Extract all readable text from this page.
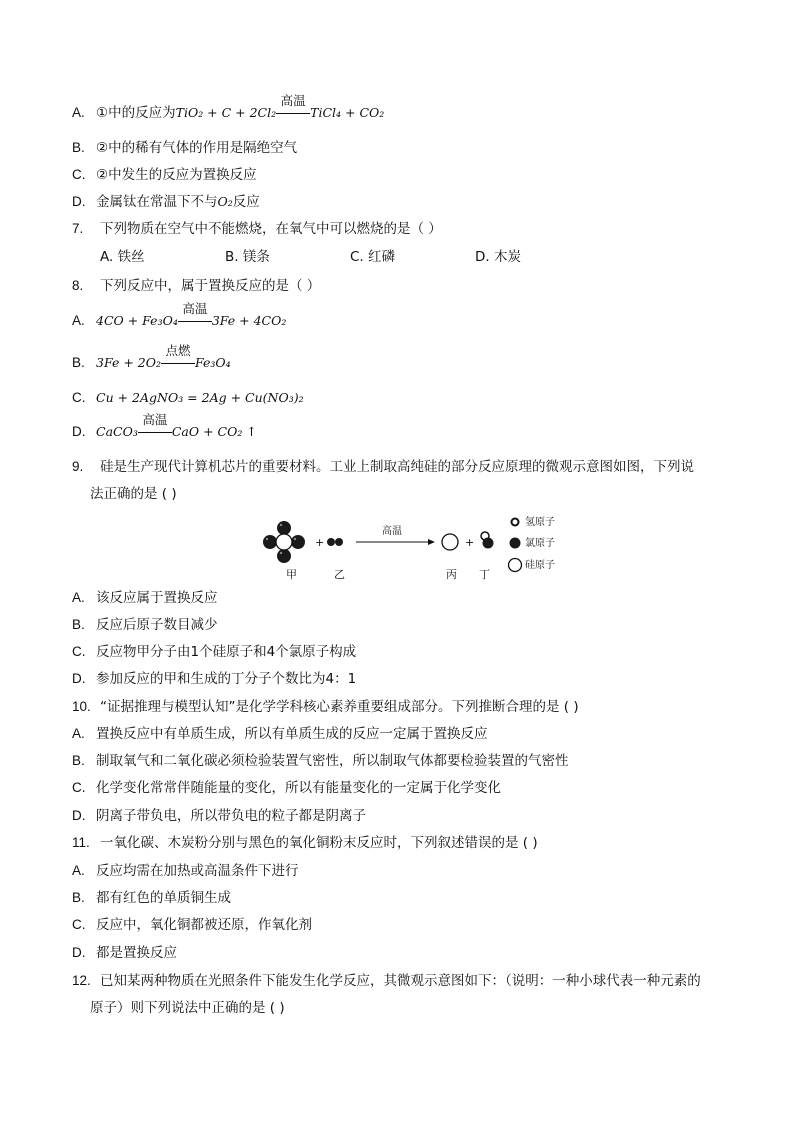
A. ①中的反应为TiO₂ + C + 2Cl₂
高温
TiCl₄ + CO₂
B. ②中的稀有气体的作用是隔绝空气
C. ②中发生的反应为置换反应
D. 金属钛在常温下不与O₂反应
7. 下列物质在空气中不能燃烧，在氧气中可以燃烧的是（ ）
A. 铁丝	B. 镁条	C. 红磷	D. 木炭
8. 下列反应中，属于置换反应的是（ ）
A. 4CO + Fe₃O₄
高温
3Fe + 4CO₂
B. 3Fe + 2O₂
点燃
Fe₃O₄
C. Cu + 2AgNO₃ = 2Ag + Cu(NO₃)₂
D. CaCO₃
高温
CaO + CO₂ ↑
9. 硅是生产现代计算机芯片的重要材料。工业上制取高纯硅的部分反应原理的微观示意图如图，下列说
法正确的是 ( )
+
高温
+
甲	乙	丙 丁
氢原子
氯原子
硅原子
A. 该反应属于置换反应
B. 反应后原子数目减少
C. 反应物甲分子由1个硅原子和4个氯原子构成
D. 参加反应的甲和生成的丁分子个数比为4：1
10. “证据推理与模型认知”是化学学科核心素养重要组成部分。下列推断合理的是 ( )
A. 置换反应中有单质生成，所以有单质生成的反应一定属于置换反应
B. 制取氧气和二氧化碳必须检验装置气密性，所以制取气体都要检验装置的气密性
C. 化学变化常常伴随能量的变化，所以有能量变化的一定属于化学变化
D. 阴离子带负电，所以带负电的粒子都是阴离子
11. 一氧化碳、木炭粉分别与黑色的氧化铜粉末反应时，下列叙述错误的是 ( )
A. 反应均需在加热或高温条件下进行
B. 都有红色的单质铜生成
C. 反应中，氧化铜都被还原，作氧化剂
D. 都是置换反应
12. 已知某两种物质在光照条件下能发生化学反应，其微观示意图如下：（说明：一种小球代表一种元素的
原子）则下列说法中正确的是 ( )
